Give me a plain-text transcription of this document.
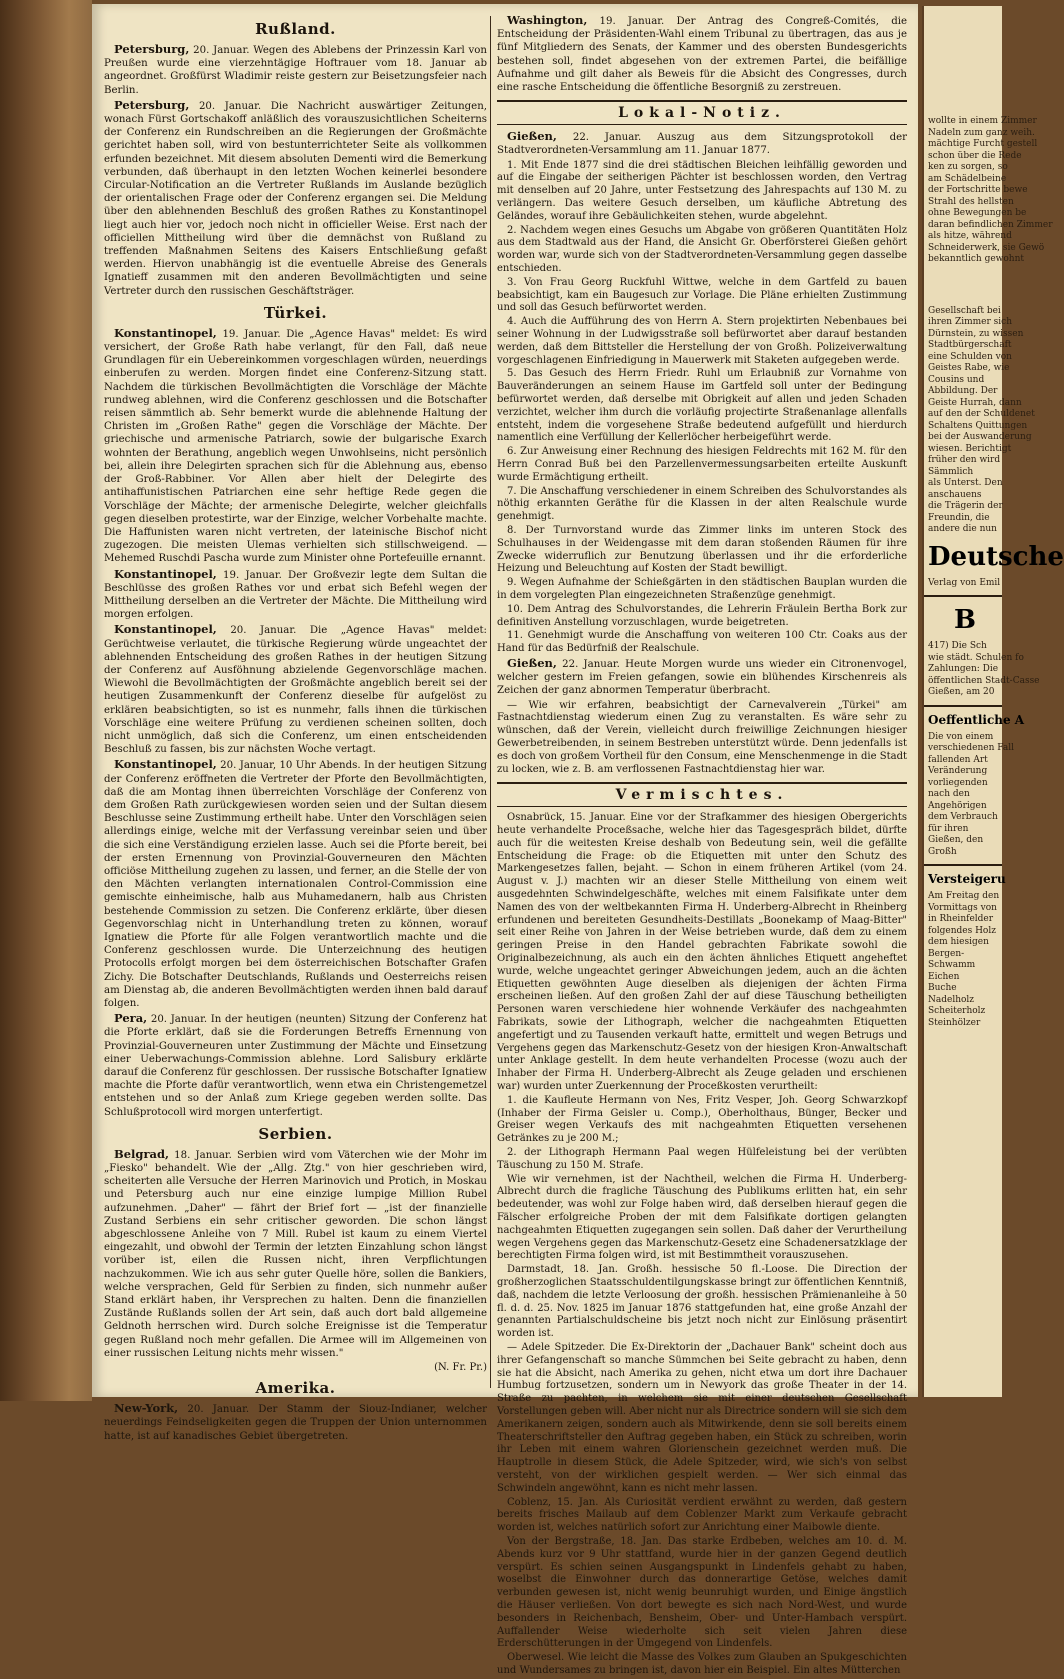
Rußland.

Petersburg, 20. Januar. Wegen des Ablebens der Prinzessin Karl von Preußen wurde eine vierzehntägige Hoftrauer vom 18. Januar ab angeordnet. Großfürst Wladimir reiste gestern zur Beisetzungsfeier nach Berlin.

Petersburg, 20. Januar. Die Nachricht auswärtiger Zeitungen, wonach Fürst Gortschakoff anläßlich des vorauszusichtlichen Scheiterns der Conferenz ein Rundschreiben an die Regierungen der Großmächte gerichtet haben soll, wird von bestunterrichteter Seite als vollkommen erfunden bezeichnet. Mit diesem absoluten Dementi wird die Bemerkung verbunden, daß überhaupt in den letzten Wochen keinerlei besondere Circular-Notification an die Vertreter Rußlands im Auslande bezüglich der orientalischen Frage oder der Conferenz ergangen sei. Die Meldung über den ablehnenden Beschluß des großen Rathes zu Konstantinopel liegt auch hier vor, jedoch noch nicht in officieller Weise. Erst nach der officiellen Mittheilung wird über die demnächst von Rußland zu treffenden Maßnahmen Seitens des Kaisers Entschließung gefaßt werden. Hiervon unabhängig ist die eventuelle Abreise des Generals Ignatieff zusammen mit den anderen Bevollmächtigten und seine Vertreter durch den russischen Geschäftsträger.

Türkei.

Konstantinopel, 19. Januar. Die „Agence Havas" meldet: Es wird versichert, der Große Rath habe verlangt, für den Fall, daß neue Grundlagen für ein Uebereinkommen vorgeschlagen würden, neuerdings einberufen zu werden. Morgen findet eine Conferenz-Sitzung statt. Nachdem die türkischen Bevollmächtigten die Vorschläge der Mächte rundweg ablehnen, wird die Conferenz geschlossen und die Botschafter reisen sämmtlich ab. Sehr bemerkt wurde die ablehnende Haltung der Christen im „Großen Rathe" gegen die Vorschläge der Mächte. Der griechische und armenische Patriarch, sowie der bulgarische Exarch wohnten der Berathung, angeblich wegen Unwohlseins, nicht persönlich bei, allein ihre Delegirten sprachen sich für die Ablehnung aus, ebenso der Groß-Rabbiner. Vor Allen aber hielt der Delegirte des antihaffunistischen Patriarchen eine sehr heftige Rede gegen die Vorschläge der Mächte; der armenische Delegirte, welcher gleichfalls gegen dieselben protestirte, war der Einzige, welcher Vorbehalte machte. Die Haffunisten waren nicht vertreten, der lateinische Bischof nicht zugezogen. Die meisten Ulemas verhielten sich stillschweigend. — Mehemed Ruschdi Pascha wurde zum Minister ohne Portefeuille ernannt.

Konstantinopel, 19. Januar. Der Großvezir legte dem Sultan die Beschlüsse des großen Rathes vor und erbat sich Befehl wegen der Mittheilung derselben an die Vertreter der Mächte. Die Mittheilung wird morgen erfolgen.

Konstantinopel, 20. Januar. Die „Agence Havas" meldet: Gerüchtweise verlautet, die türkische Regierung würde ungeachtet der ablehnenden Entscheidung des großen Rathes in der heutigen Sitzung der Conferenz auf Ausföhnung abzielende Gegenvorschläge machen. Wiewohl die Bevollmächtigten der Großmächte angeblich bereit sei der heutigen Zusammenkunft der Conferenz dieselbe für aufgelöst zu erklären beabsichtigten, so ist es nunmehr, falls ihnen die türkischen Vorschläge eine weitere Prüfung zu verdienen scheinen sollten, doch nicht unmöglich, daß sich die Conferenz, um einen entscheidenden Beschluß zu fassen, bis zur nächsten Woche vertagt.

Konstantinopel, 20. Januar, 10 Uhr Abends. In der heutigen Sitzung der Conferenz eröffneten die Vertreter der Pforte den Bevollmächtigten, daß die am Montag ihnen überreichten Vorschläge der Conferenz von dem Großen Rath zurückgewiesen worden seien und der Sultan diesem Beschlusse seine Zustimmung ertheilt habe. Unter den Vorschlägen seien allerdings einige, welche mit der Verfassung vereinbar seien und über die sich eine Verständigung erzielen lasse. Auch sei die Pforte bereit, bei der ersten Ernennung von Provinzial-Gouverneuren den Mächten officiöse Mittheilung zugehen zu lassen, und ferner, an die Stelle der von den Mächten verlangten internationalen Control-Commission eine gemischte einheimische, halb aus Muhamedanern, halb aus Christen bestehende Commission zu setzen. Die Conferenz erklärte, über diesen Gegenvorschlag nicht in Unterhandlung treten zu können, worauf Ignatiew die Pforte für alle Folgen verantwortlich machte und die Conferenz geschlossen wurde. Die Unterzeichnung des heutigen Protocolls erfolgt morgen bei dem österreichischen Botschafter Grafen Zichy. Die Botschafter Deutschlands, Rußlands und Oesterreichs reisen am Dienstag ab, die anderen Bevollmächtigten werden ihnen bald darauf folgen.

Pera, 20. Januar. In der heutigen (neunten) Sitzung der Conferenz hat die Pforte erklärt, daß sie die Forderungen Betreffs Ernennung von Provinzial-Gouverneuren unter Zustimmung der Mächte und Einsetzung einer Ueberwachungs-Commission ablehne. Lord Salisbury erklärte darauf die Conferenz für geschlossen. Der russische Botschafter Ignatiew machte die Pforte dafür verantwortlich, wenn etwa ein Christengemetzel entstehen und so der Anlaß zum Kriege gegeben werden sollte. Das Schlußprotocoll wird morgen unterfertigt.

Serbien.

Belgrad, 18. Januar. Serbien wird vom Väterchen wie der Mohr im „Fiesko" behandelt. Wie der „Allg. Ztg." von hier geschrieben wird, scheiterten alle Versuche der Herren Marinovich und Protich, in Moskau und Petersburg auch nur eine einzige lumpige Million Rubel aufzunehmen. „Daher" — fährt der Brief fort — „ist der finanzielle Zustand Serbiens ein sehr critischer geworden. Die schon längst abgeschlossene Anleihe von 7 Mill. Rubel ist kaum zu einem Viertel eingezahlt, und obwohl der Termin der letzten Einzahlung schon längst vorüber ist, eilen die Russen nicht, ihren Verpflichtungen nachzukommen. Wie ich aus sehr guter Quelle höre, sollen die Bankiers, welche versprachen, Geld für Serbien zu finden, sich nunmehr außer Stand erklärt haben, ihr Versprechen zu halten. Denn die finanziellen Zustände Rußlands sollen der Art sein, daß auch dort bald allgemeine Geldnoth herrschen wird. Durch solche Ereignisse ist die Temperatur gegen Rußland noch mehr gefallen. Die Armee will im Allgemeinen von einer russischen Leitung nichts mehr wissen."

(N. Fr. Pr.)
Amerika.

New-York, 20. Januar. Der Stamm der Siouz-Indianer, welcher neuerdings Feindseligkeiten gegen die Truppen der Union unternommen hatte, ist auf kanadisches Gebiet übergetreten.

Washington, 19. Januar. Der Antrag des Congreß-Comités, die Entscheidung der Präsidenten-Wahl einem Tribunal zu übertragen, das aus je fünf Mitgliedern des Senats, der Kammer und des obersten Bundesgerichts bestehen soll, findet abgesehen von der extremen Partei, die beifällige Aufnahme und gilt daher als Beweis für die Absicht des Congresses, durch eine rasche Entscheidung die öffentliche Besorgniß zu zerstreuen.

Lokal-Notiz.

Gießen, 22. Januar. Auszug aus dem Sitzungsprotokoll der Stadtverordneten-Versammlung am 11. Januar 1877.

1. Mit Ende 1877 sind die drei städtischen Bleichen leihfällig geworden und auf die Eingabe der seitherigen Pächter ist beschlossen worden, den Vertrag mit denselben auf 20 Jahre, unter Festsetzung des Jahrespachts auf 130 M. zu verlängern. Das weitere Gesuch derselben, um käufliche Abtretung des Geländes, worauf ihre Gebäulichkeiten stehen, wurde abgelehnt.

2. Nachdem wegen eines Gesuchs um Abgabe von größeren Quantitäten Holz aus dem Stadtwald aus der Hand, die Ansicht Gr. Oberförsterei Gießen gehört worden war, wurde sich von der Stadtverordneten-Versammlung gegen dasselbe entschieden.

3. Von Frau Georg Ruckfuhl Wittwe, welche in dem Gartfeld zu bauen beabsichtigt, kam ein Baugesuch zur Vorlage. Die Pläne erhielten Zustimmung und soll das Gesuch befürwortet werden.

4. Auch die Aufführung des von Herrn A. Stern projektirten Nebenbaues bei seiner Wohnung in der Ludwigsstraße soll befürwortet aber darauf bestanden werden, daß dem Bittsteller die Herstellung der von Großh. Polizeiverwaltung vorgeschlagenen Einfriedigung in Mauerwerk mit Staketen aufgegeben werde.

5. Das Gesuch des Herrn Friedr. Ruhl um Erlaubniß zur Vornahme von Bauveränderungen an seinem Hause im Gartfeld soll unter der Bedingung befürwortet werden, daß derselbe mit Obrigkeit auf allen und jeden Schaden verzichtet, welcher ihm durch die vorläufig projectirte Straßenanlage allenfalls entsteht, indem die vorgesehene Straße bedeutend aufgefüllt und hierdurch namentlich eine Verfüllung der Kellerlöcher herbeigeführt werde.

6. Zur Anweisung einer Rechnung des hiesigen Feldrechts mit 162 M. für den Herrn Conrad Buß bei den Parzellenvermessungsarbeiten erteilte Auskunft wurde Ermächtigung ertheilt.

7. Die Anschaffung verschiedener in einem Schreiben des Schulvorstandes als nöthig erkannten Geräthe für die Klassen in der alten Realschule wurde genehmigt.

8. Der Turnvorstand wurde das Zimmer links im unteren Stock des Schulhauses in der Weidengasse mit dem daran stoßenden Räumen für ihre Zwecke widerruflich zur Benutzung überlassen und ihr die erforderliche Heizung und Beleuchtung auf Kosten der Stadt bewilligt.

9. Wegen Aufnahme der Schießgärten in den städtischen Bauplan wurden die in dem vorgelegten Plan eingezeichneten Straßenzüge genehmigt.

10. Dem Antrag des Schulvorstandes, die Lehrerin Fräulein Bertha Bork zur definitiven Anstellung vorzuschlagen, wurde beigetreten.

11. Genehmigt wurde die Anschaffung von weiteren 100 Ctr. Coaks aus der Hand für das Bedürfniß der Realschule.

Gießen, 22. Januar. Heute Morgen wurde uns wieder ein Citronenvogel, welcher gestern im Freien gefangen, sowie ein blühendes Kirschenreis als Zeichen der ganz abnormen Temperatur überbracht.

— Wie wir erfahren, beabsichtigt der Carnevalverein „Türkei" am Fastnachtdienstag wiederum einen Zug zu veranstalten. Es wäre sehr zu wünschen, daß der Verein, vielleicht durch freiwillige Zeichnungen hiesiger Gewerbetreibenden, in seinem Bestreben unterstützt würde. Denn jedenfalls ist es doch von großem Vortheil für den Consum, eine Menschenmenge in die Stadt zu locken, wie z. B. am verflossenen Fastnachtdienstag hier war.

Vermischtes.

Osnabrück, 15. Januar. Eine vor der Strafkammer des hiesigen Obergerichts heute verhandelte Proceßsache, welche hier das Tagesgespräch bildet, dürfte auch für die weitesten Kreise deshalb von Bedeutung sein, weil die gefällte Entscheidung die Frage: ob die Etiquetten mit unter den Schutz des Markengesetzes fallen, bejaht. — Schon in einem früheren Artikel (vom 24. August v. J.) machten wir an dieser Stelle Mittheilung von einem weit ausgedehnten Schwindelgeschäfte, welches mit einem Falsifikate unter dem Namen des von der weltbekannten Firma H. Underberg-Albrecht in Rheinberg erfundenen und bereiteten Gesundheits-Destillats „Boonekamp of Maag-Bitter" seit einer Reihe von Jahren in der Weise betrieben wurde, daß dem zu einem geringen Preise in den Handel gebrachten Fabrikate sowohl die Originalbezeichnung, als auch ein den ächten ähnliches Etiquett angeheftet wurde, welche ungeachtet geringer Abweichungen jedem, auch an die ächten Etiquetten gewöhnten Auge dieselben als diejenigen der ächten Firma erscheinen ließen. Auf den großen Zahl der auf diese Täuschung betheiligten Personen waren verschiedene hier wohnende Verkäufer des nachgeahmten Fabrikats, sowie der Lithograph, welcher die nachgeahmten Etiquetten angefertigt und zu Tausenden verkauft hatte, ermittelt und wegen Betrugs und Vergehens gegen das Markenschutz-Gesetz von der hiesigen Kron-Anwaltschaft unter Anklage gestellt. In dem heute verhandelten Processe (wozu auch der Inhaber der Firma H. Underberg-Albrecht als Zeuge geladen und erschienen war) wurden unter Zuerkennung der Proceßkosten verurtheilt:

1. die Kaufleute Hermann von Nes, Fritz Vesper, Joh. Georg Schwarzkopf (Inhaber der Firma Geisler u. Comp.), Oberholthaus, Bünger, Becker und Greiser wegen Verkaufs des mit nachgeahmten Etiquetten versehenen Getränkes zu je 200 M.;

2. der Lithograph Hermann Paal wegen Hülfeleistung bei der verübten Täuschung zu 150 M. Strafe.

Wie wir vernehmen, ist der Nachtheil, welchen die Firma H. Underberg-Albrecht durch die fragliche Täuschung des Publikums erlitten hat, ein sehr bedeutender, was wohl zur Folge haben wird, daß derselben hierauf gegen die Fälscher erfolgreiche Proben der mit dem Falsifikate dortigen gelangten nachgeahmten Etiquetten zugegangen sein sollen. Daß daher der Verurtheilung wegen Vergehens gegen das Markenschutz-Gesetz eine Schadenersatzklage der berechtigten Firma folgen wird, ist mit Bestimmtheit vorauszusehen.

Darmstadt, 18. Jan. Großh. hessische 50 fl.-Loose. Die Direction der großherzoglichen Staatsschuldentilgungskasse bringt zur öffentlichen Kenntniß, daß, nachdem die letzte Verloosung der großh. hessischen Prämienanleihe à 50 fl. d. d. 25. Nov. 1825 im Januar 1876 stattgefunden hat, eine große Anzahl der genannten Partialschuldscheine bis jetzt noch nicht zur Einlösung präsentirt worden ist.

— Adele Spitzeder. Die Ex-Direktorin der „Dachauer Bank" scheint doch aus ihrer Gefangenschaft so manche Sümmchen bei Seite gebracht zu haben, denn sie hat die Absicht, nach Amerika zu gehen, nicht etwa um dort ihre Dachauer Humbug fortzusetzen, sondern um in Newyork das große Theater in der 14. Straße zu pachten, in welchem sie mit einer deutschen Gesellschaft Vorstellungen geben will. Aber nicht nur als Directrice sondern will sie sich dem Amerikanern zeigen, sondern auch als Mitwirkende, denn sie soll bereits einem Theaterschriftsteller den Auftrag gegeben haben, ein Stück zu schreiben, worin ihr Leben mit einem wahren Glorienschein gezeichnet werden muß. Die Hauptrolle in diesem Stück, die Adele Spitzeder, wird, wie sich's von selbst versteht, von der wirklichen gespielt werden. — Wer sich einmal das Schwindeln angewöhnt, kann es nicht mehr lassen.

Coblenz, 15. Jan. Als Curiosität verdient erwähnt zu werden, daß gestern bereits frisches Mailaub auf dem Coblenzer Markt zum Verkaufe gebracht worden ist, welches natürlich sofort zur Anrichtung einer Maibowle diente.

Von der Bergstraße, 18. Jan. Das starke Erdbeben, welches am 10. d. M. Abends kurz vor 9 Uhr stattfand, wurde hier in der ganzen Gegend deutlich verspürt. Es schien seinen Ausgangspunkt in Lindenfels gehabt zu haben, woselbst die Einwohner durch das donnerartige Getöse, welches damit verbunden gewesen ist, nicht wenig beunruhigt wurden, und Einige ängstlich die Häuser verließen. Von dort bewegte es sich nach Nord-West, und wurde besonders in Reichenbach, Bensheim, Ober- und Unter-Hambach verspürt. Auffallender Weise wiederholte sich seit vielen Jahren diese Erderschütterungen in der Umgegend von Lindenfels.

Oberwesel. Wie leicht die Masse des Volkes zum Glauben an Spukgeschichten und Wundersames zu bringen ist, davon hier ein Beispiel. Ein altes Mütterchen

wollte in einem Zimmer
Nadeln zum ganz weih.
mächtige Furcht gestell
schon über die Rede
ken zu sorgen, so
am Schädelbeine
der Fortschritte bewe
Strahl des hellsten
ohne Bewegungen be
daran befindlichen Zimmer
als hitze, während
Schneiderwerk, sie Gewö
bekanntlich gewohnt
Gesellschaft bei
ihren Zimmer sich
Dürnstein, zu wissen
Stadtbürgerschaft
eine Schulden von
Geistes Rabe, wie
Cousins und
Abbildung. Der
Geiste Hurrah, dann
auf den der Schuldenet
Schaltens Quittungen
bei der Auswanderung
wiesen. Berichtigt
früher den wird
Sämmlich
als Unterst. Den
anschauens
die Trägerin der
Freundin, die
andere die nun
Deutsche
Verlag von Emil
B
417) Die Sch
wie städt. Schulen fo
Zahlungen: Die
öffentlichen Stadt-Casse
Gießen, am 20
Oeffentliche A
Die von einem
verschiedenen Fall
fallenden Art
Veränderung
vorliegenden
nach den
Angehörigen
dem Verbrauch
für ihren
Gießen, den
Großh
Versteigeru
Am Freitag den
Vormittags von
in Rheinfelder
folgendes Holz
dem hiesigen
Bergen-
Schwamm
Eichen
Buche
Nadelholz
Scheiterholz
Steinhölzer
